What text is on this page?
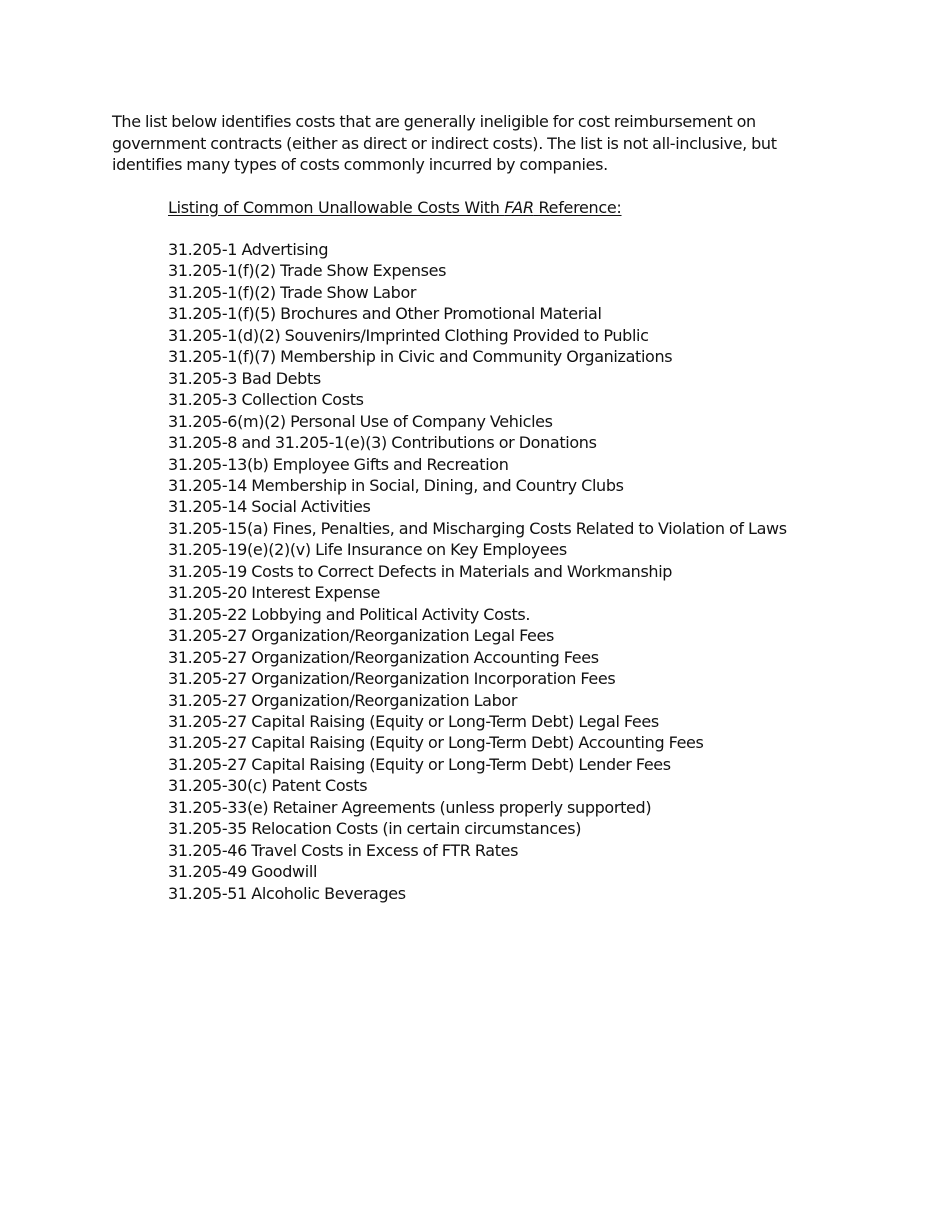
The list below identifies costs that are generally ineligible for cost reimbursement on government contracts (either as direct or indirect costs). The list is not all-inclusive, but identifies many types of costs commonly incurred by companies.

Listing of Common Unallowable Costs With FAR Reference:

31.205-1 Advertising
31.205-1(f)(2) Trade Show Expenses
31.205-1(f)(2) Trade Show Labor
31.205-1(f)(5) Brochures and Other Promotional Material
31.205-1(d)(2) Souvenirs/Imprinted Clothing Provided to Public
31.205-1(f)(7) Membership in Civic and Community Organizations
31.205-3 Bad Debts
31.205-3 Collection Costs
31.205-6(m)(2) Personal Use of Company Vehicles
31.205-8 and 31.205-1(e)(3) Contributions or Donations
31.205-13(b) Employee Gifts and Recreation
31.205-14 Membership in Social, Dining, and Country Clubs
31.205-14 Social Activities
31.205-15(a) Fines, Penalties, and Mischarging Costs Related to Violation of Laws
31.205-19(e)(2)(v) Life Insurance on Key Employees
31.205-19 Costs to Correct Defects in Materials and Workmanship
31.205-20 Interest Expense
31.205-22 Lobbying and Political Activity Costs.
31.205-27 Organization/Reorganization Legal Fees
31.205-27 Organization/Reorganization Accounting Fees
31.205-27 Organization/Reorganization Incorporation Fees
31.205-27 Organization/Reorganization Labor
31.205-27 Capital Raising (Equity or Long-Term Debt) Legal Fees
31.205-27 Capital Raising (Equity or Long-Term Debt) Accounting Fees
31.205-27 Capital Raising (Equity or Long-Term Debt) Lender Fees
31.205-30(c) Patent Costs
31.205-33(e) Retainer Agreements (unless properly supported)
31.205-35 Relocation Costs (in certain circumstances)
31.205-46 Travel Costs in Excess of FTR Rates
31.205-49 Goodwill
31.205-51 Alcoholic Beverages
